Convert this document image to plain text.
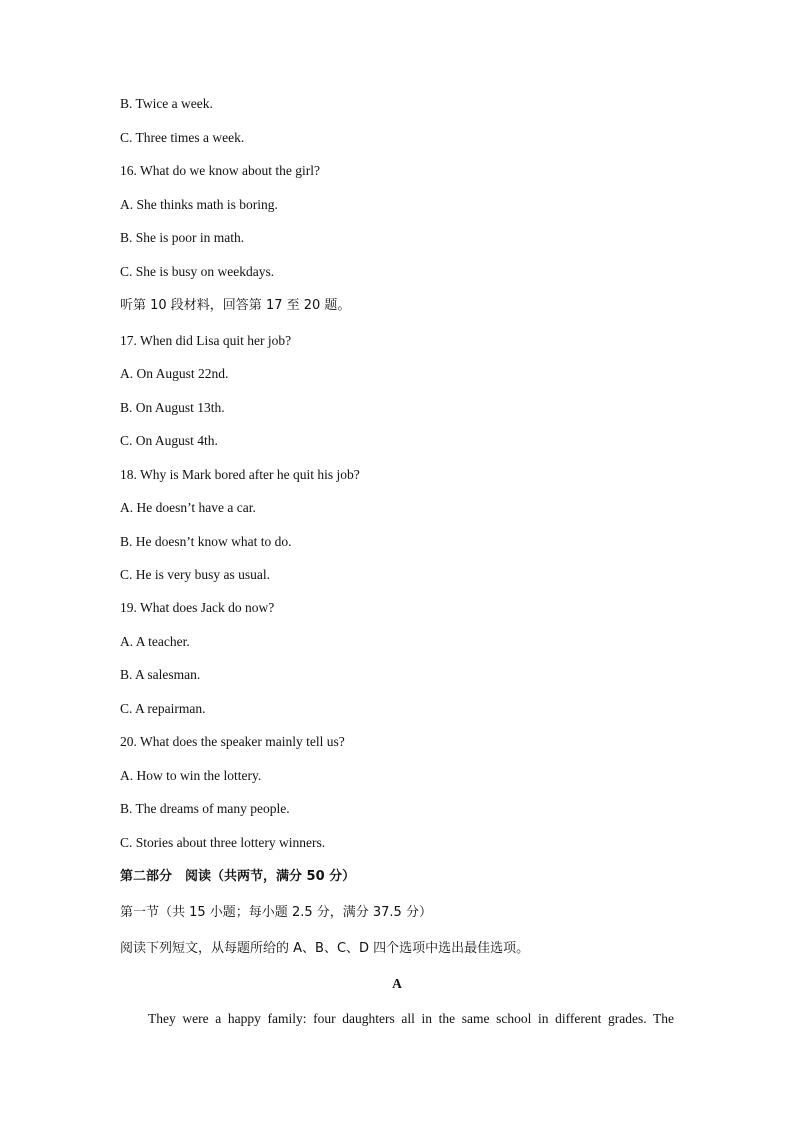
B. Twice a week.
C. Three times a week.
16. What do we know about the girl?
A. She thinks math is boring.
B. She is poor in math.
C. She is busy on weekdays.
听第 10 段材料，回答第 17 至 20 题。
17. When did Lisa quit her job?
A. On August 22nd.
B. On August 13th.
C. On August 4th.
18. Why is Mark bored after he quit his job?
A. He doesn’t have a car.
B. He doesn’t know what to do.
C. He is very busy as usual.
19. What does Jack do now?
A. A teacher.
B. A salesman.
C. A repairman.
20. What does the speaker mainly tell us?
A. How to win the lottery.
B. The dreams of many people.
C. Stories about three lottery winners.
第二部分　阅读（共两节，满分 50 分）
第一节（共 15 小题；每小题 2.5 分，满分 37.5 分）
阅读下列短文，从每题所给的 A、B、C、D 四个选项中选出最佳选项。
A
They were a happy family: four daughters all in the same school in different grades. The
